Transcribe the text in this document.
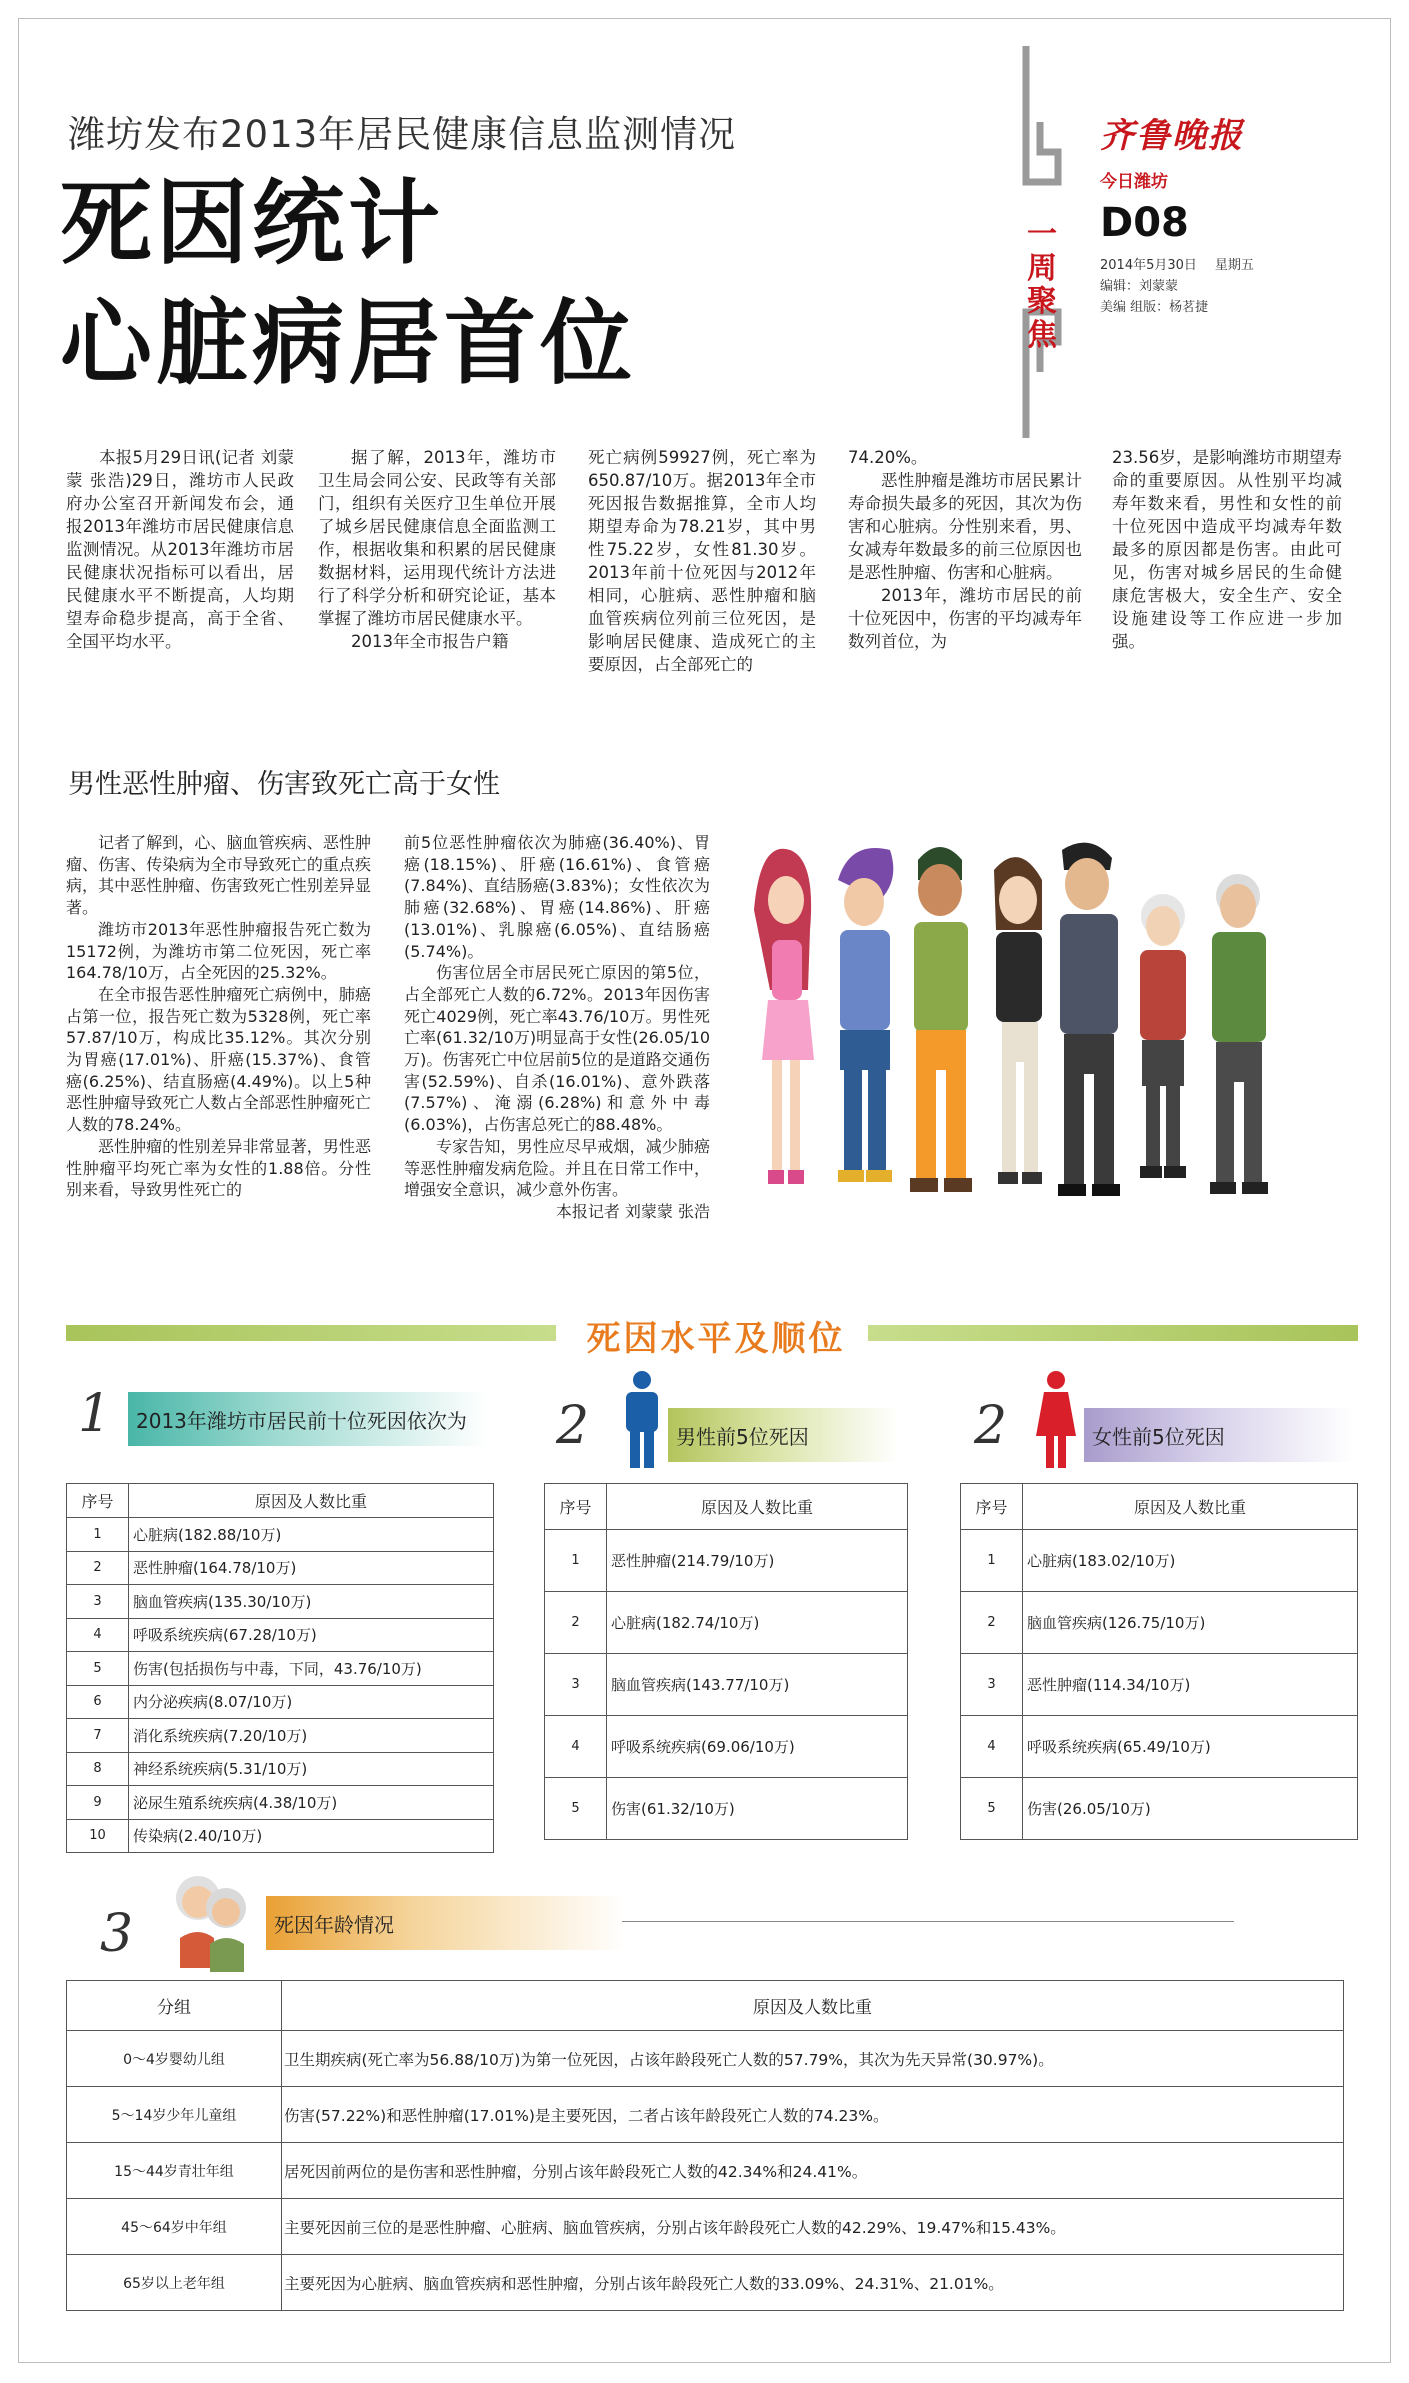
潍坊发布2013年居民健康信息监测情况
死因统计
心脏病居首位
一周聚焦
齐鲁晚报
今日潍坊
D08
2014年5月30日 星期五
编辑：刘蒙蒙
美编 组版：杨茗捷

本报5月29日讯(记者 刘蒙蒙 张浩)29日，潍坊市人民政府办公室召开新闻发布会，通报2013年潍坊市居民健康信息监测情况。从2013年潍坊市居民健康状况指标可以看出，居民健康水平不断提高，人均期望寿命稳步提高，高于全省、全国平均水平。

据了解，2013年，潍坊市卫生局会同公安、民政等有关部门，组织有关医疗卫生单位开展了城乡居民健康信息全面监测工作，根据收集和积累的居民健康数据材料，运用现代统计方法进行了科学分析和研究论证，基本掌握了潍坊市居民健康水平。

2013年全市报告户籍

死亡病例59927例，死亡率为650.87/10万。据2013年全市死因报告数据推算，全市人均期望寿命为78.21岁，其中男性75.22岁，女性81.30岁。2013年前十位死因与2012年相同，心脏病、恶性肿瘤和脑血管疾病位列前三位死因，是影响居民健康、造成死亡的主要原因，占全部死亡的

74.20%。

恶性肿瘤是潍坊市居民累计寿命损失最多的死因，其次为伤害和心脏病。分性别来看，男、女减寿年数最多的前三位原因也是恶性肿瘤、伤害和心脏病。

2013年，潍坊市居民的前十位死因中，伤害的平均减寿年数列首位，为

23.56岁，是影响潍坊市期望寿命的重要原因。从性别平均减寿年数来看，男性和女性的前十位死因中造成平均减寿年数最多的原因都是伤害。由此可见，伤害对城乡居民的生命健康危害极大，安全生产、安全设施建设等工作应进一步加强。

男性恶性肿瘤、伤害致死亡高于女性

记者了解到，心、脑血管疾病、恶性肿瘤、伤害、传染病为全市导致死亡的重点疾病，其中恶性肿瘤、伤害致死亡性别差异显著。

潍坊市2013年恶性肿瘤报告死亡数为15172例，为潍坊市第二位死因，死亡率164.78/10万，占全死因的25.32%。

在全市报告恶性肿瘤死亡病例中，肺癌占第一位，报告死亡数为5328例，死亡率57.87/10万，构成比35.12%。其次分别为胃癌(17.01%)、肝癌(15.37%)、食管癌(6.25%)、结直肠癌(4.49%)。以上5种恶性肿瘤导致死亡人数占全部恶性肿瘤死亡人数的78.24%。

恶性肿瘤的性别差异非常显著，男性恶性肿瘤平均死亡率为女性的1.88倍。分性别来看，导致男性死亡的

前5位恶性肿瘤依次为肺癌(36.40%)、胃癌(18.15%)、肝癌(16.61%)、食管癌(7.84%)、直结肠癌(3.83%)；女性依次为肺癌(32.68%)、胃癌(14.86%)、肝癌(13.01%)、乳腺癌(6.05%)、直结肠癌(5.74%)。

伤害位居全市居民死亡原因的第5位，占全部死亡人数的6.72%。2013年因伤害死亡4029例，死亡率43.76/10万。男性死亡率(61.32/10万)明显高于女性(26.05/10万)。伤害死亡中位居前5位的是道路交通伤害(52.59%)、自杀(16.01%)、意外跌落(7.57%)、淹溺(6.28%)和意外中毒(6.03%)，占伤害总死亡的88.48%。

专家告知，男性应尽早戒烟，减少肺癌等恶性肿瘤发病危险。并且在日常工作中，增强安全意识，减少意外伤害。

本报记者 刘蒙蒙 张浩

死因水平及顺位
1	2013年潍坊市居民前十位死因依次为
序号	原因及人数比重
1	心脏病(182.88/10万)
2	恶性肿瘤(164.78/10万)
3	脑血管疾病(135.30/10万)
4	呼吸系统疾病(67.28/10万)
5	伤害(包括损伤与中毒，下同，43.76/10万)
6	内分泌疾病(8.07/10万)
7	消化系统疾病(7.20/10万)
8	神经系统疾病(5.31/10万)
9	泌尿生殖系统疾病(4.38/10万)
10	传染病(2.40/10万)
2	男性前5位死因
序号	原因及人数比重
1	恶性肿瘤(214.79/10万)
2	心脏病(182.74/10万)
3	脑血管疾病(143.77/10万)
4	呼吸系统疾病(69.06/10万)
5	伤害(61.32/10万)
2	女性前5位死因
序号	原因及人数比重
1	心脏病(183.02/10万)
2	脑血管疾病(126.75/10万)
3	恶性肿瘤(114.34/10万)
4	呼吸系统疾病(65.49/10万)
5	伤害(26.05/10万)
3	死因年龄情况
分组	原因及人数比重
0～4岁婴幼儿组	卫生期疾病(死亡率为56.88/10万)为第一位死因，占该年龄段死亡人数的57.79%，其次为先天异常(30.97%)。
5～14岁少年儿童组	伤害(57.22%)和恶性肿瘤(17.01%)是主要死因，二者占该年龄段死亡人数的74.23%。
15～44岁青壮年组	居死因前两位的是伤害和恶性肿瘤，分别占该年龄段死亡人数的42.34%和24.41%。
45～64岁中年组	主要死因前三位的是恶性肿瘤、心脏病、脑血管疾病，分别占该年龄段死亡人数的42.29%、19.47%和15.43%。
65岁以上老年组	主要死因为心脏病、脑血管疾病和恶性肿瘤，分别占该年龄段死亡人数的33.09%、24.31%、21.01%。
